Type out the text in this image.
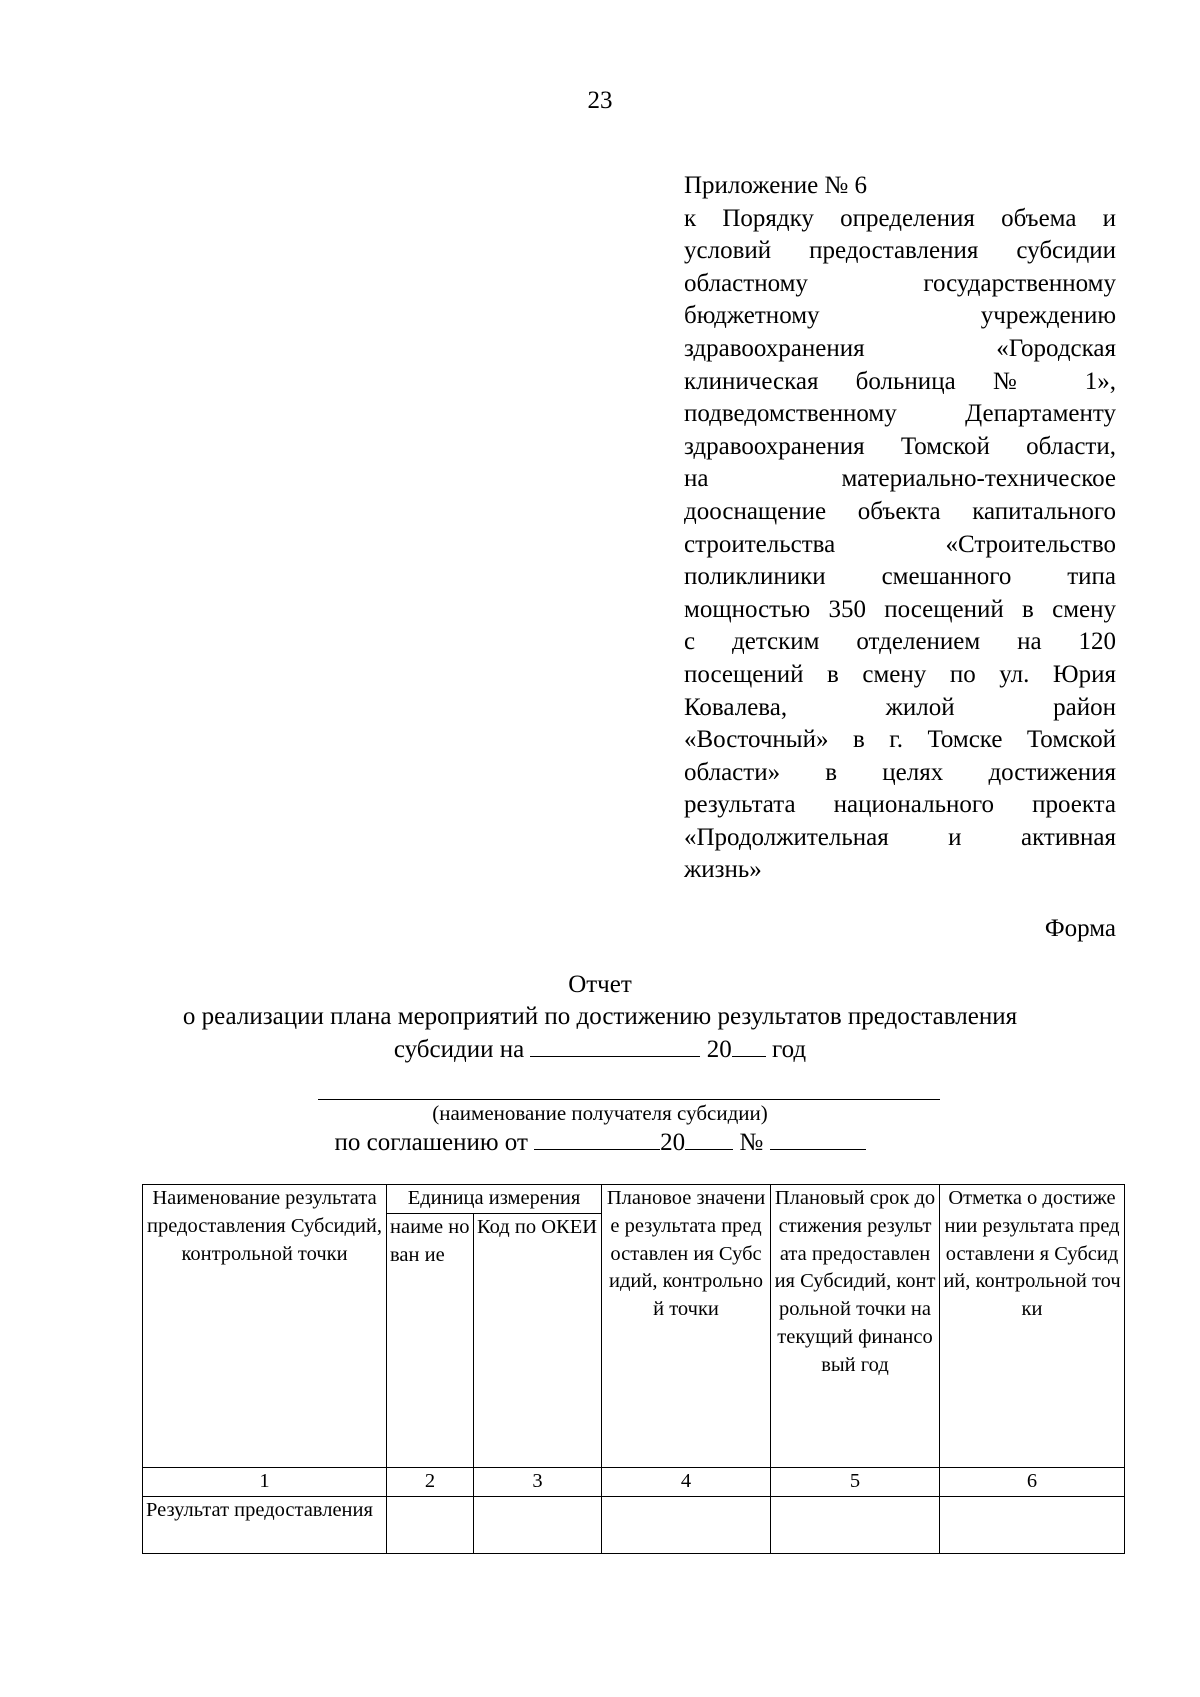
23
Приложение № 6
к Порядку определения объема и
условий предоставления субсидии
областному государственному
бюджетному учреждению
здравоохранения «Городская
клиническая больница № 1»,
подведомственному Департаменту
здравоохранения Томской области,
на материально-техническое
дооснащение объекта капитального
строительства «Строительство
поликлиники смешанного типа
мощностью 350 посещений в смену
с детским отделением на 120
посещений в смену по ул. Юрия
Ковалева, жилой район
«Восточный» в г. Томске Томской
области» в целях достижения
результата национального проекта
«Продолжительная и активная
жизнь»
Форма
Отчет
о реализации плана мероприятий по достижению результатов предоставления
субсидии на	20 год
(наименование получателя субсидии)
по соглашению от	20 №
Наименование результата предоставления Субсидий, контрольной точки	Единица измерения		Плановое значение результата предоставлен ия Субсидий, контрольной точки	Плановый срок достижения результата предоставлен ия Субсидий, контрольной точки на текущий финансовый год	Отметка о достижении результата предоставлени я Субсидий, контрольной точки
	наиме нован ие	Код по ОКЕИ			
1	2	3	4	5	6
Результат предоставления					
